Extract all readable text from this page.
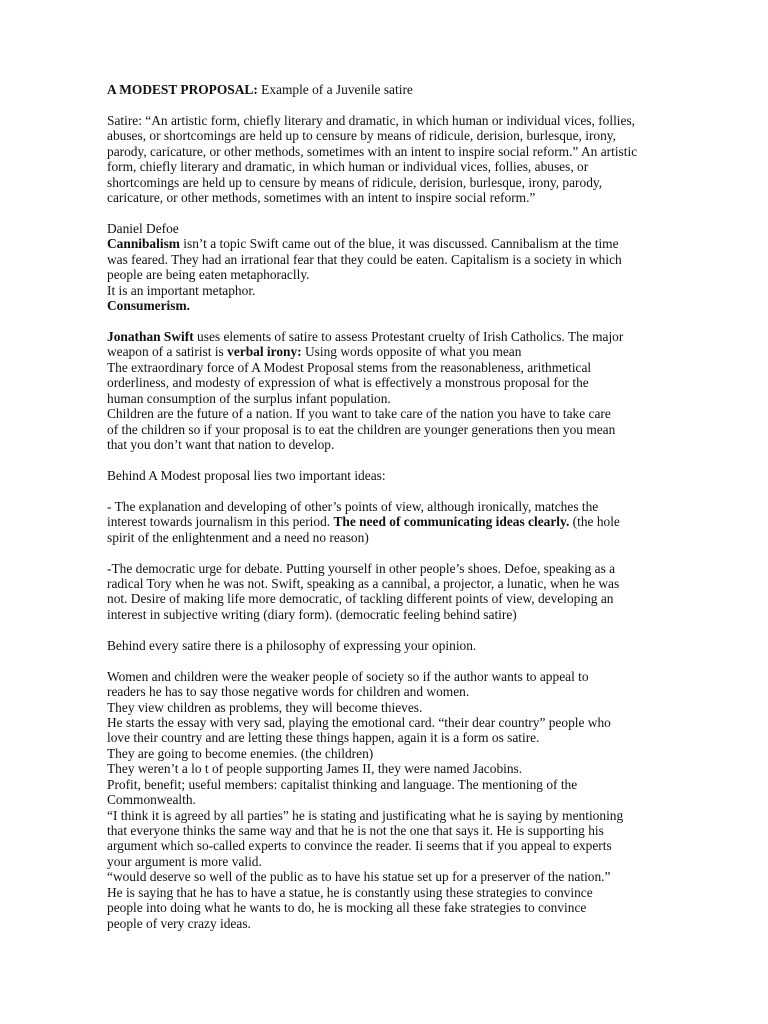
A MODEST PROPOSAL: Example of a Juvenile satire
Satire: “An artistic form, chiefly literary and dramatic, in which human or individual vices, follies,
abuses, or shortcomings are held up to censure by means of ridicule, derision, burlesque, irony,
parody, caricature, or other methods, sometimes with an intent to inspire social reform.” An artistic
form, chiefly literary and dramatic, in which human or individual vices, follies, abuses, or
shortcomings are held up to censure by means of ridicule, derision, burlesque, irony, parody,
caricature, or other methods, sometimes with an intent to inspire social reform.”
Daniel Defoe
Cannibalism isn’t a topic Swift came out of the blue, it was discussed. Cannibalism at the time
was feared. They had an irrational fear that they could be eaten. Capitalism is a society in which
people are being eaten metaphoraclly.
It is an important metaphor.
Consumerism.
Jonathan Swift uses elements of satire to assess Protestant cruelty of Irish Catholics. The major
weapon of a satirist is verbal irony: Using words opposite of what you mean
The extraordinary force of A Modest Proposal stems from the reasonableness, arithmetical
orderliness, and modesty of expression of what is effectively a monstrous proposal for the
human consumption of the surplus infant population.
Children are the future of a nation. If you want to take care of the nation you have to take care
of the children so if your proposal is to eat the children are younger generations then you mean
that you don’t want that nation to develop.
Behind A Modest proposal lies two important ideas:
- The explanation and developing of other’s points of view, although ironically, matches the
interest towards journalism in this period. The need of communicating ideas clearly. (the hole
spirit of the enlightenment and a need no reason)
-The democratic urge for debate. Putting yourself in other people’s shoes. Defoe, speaking as a
radical Tory when he was not. Swift, speaking as a cannibal, a projector, a lunatic, when he was
not. Desire of making life more democratic, of tackling different points of view, developing an
interest in subjective writing (diary form). (democratic feeling behind satire)
Behind every satire there is a philosophy of expressing your opinion.
Women and children were the weaker people of society so if the author wants to appeal to
readers he has to say those negative words for children and women.
They view children as problems, they will become thieves.
He starts the essay with very sad, playing the emotional card. “their dear country” people who
love their country and are letting these things happen, again it is a form os satire.
They are going to become enemies. (the children)
They weren’t a lo t of people supporting James II, they were named Jacobins.
Profit, benefit; useful members: capitalist thinking and language. The mentioning of the
Commonwealth.
“I think it is agreed by all parties” he is stating and justificating what he is saying by mentioning
that everyone thinks the same way and that he is not the one that says it. He is supporting his
argument which so-called experts to convince the reader. Ii seems that if you appeal to experts
your argument is more valid.
“would deserve so well of the public as to have his statue set up for a preserver of the nation.”
He is saying that he has to have a statue, he is constantly using these strategies to convince
people into doing what he wants to do, he is mocking all these fake strategies to convince
people of very crazy ideas.
